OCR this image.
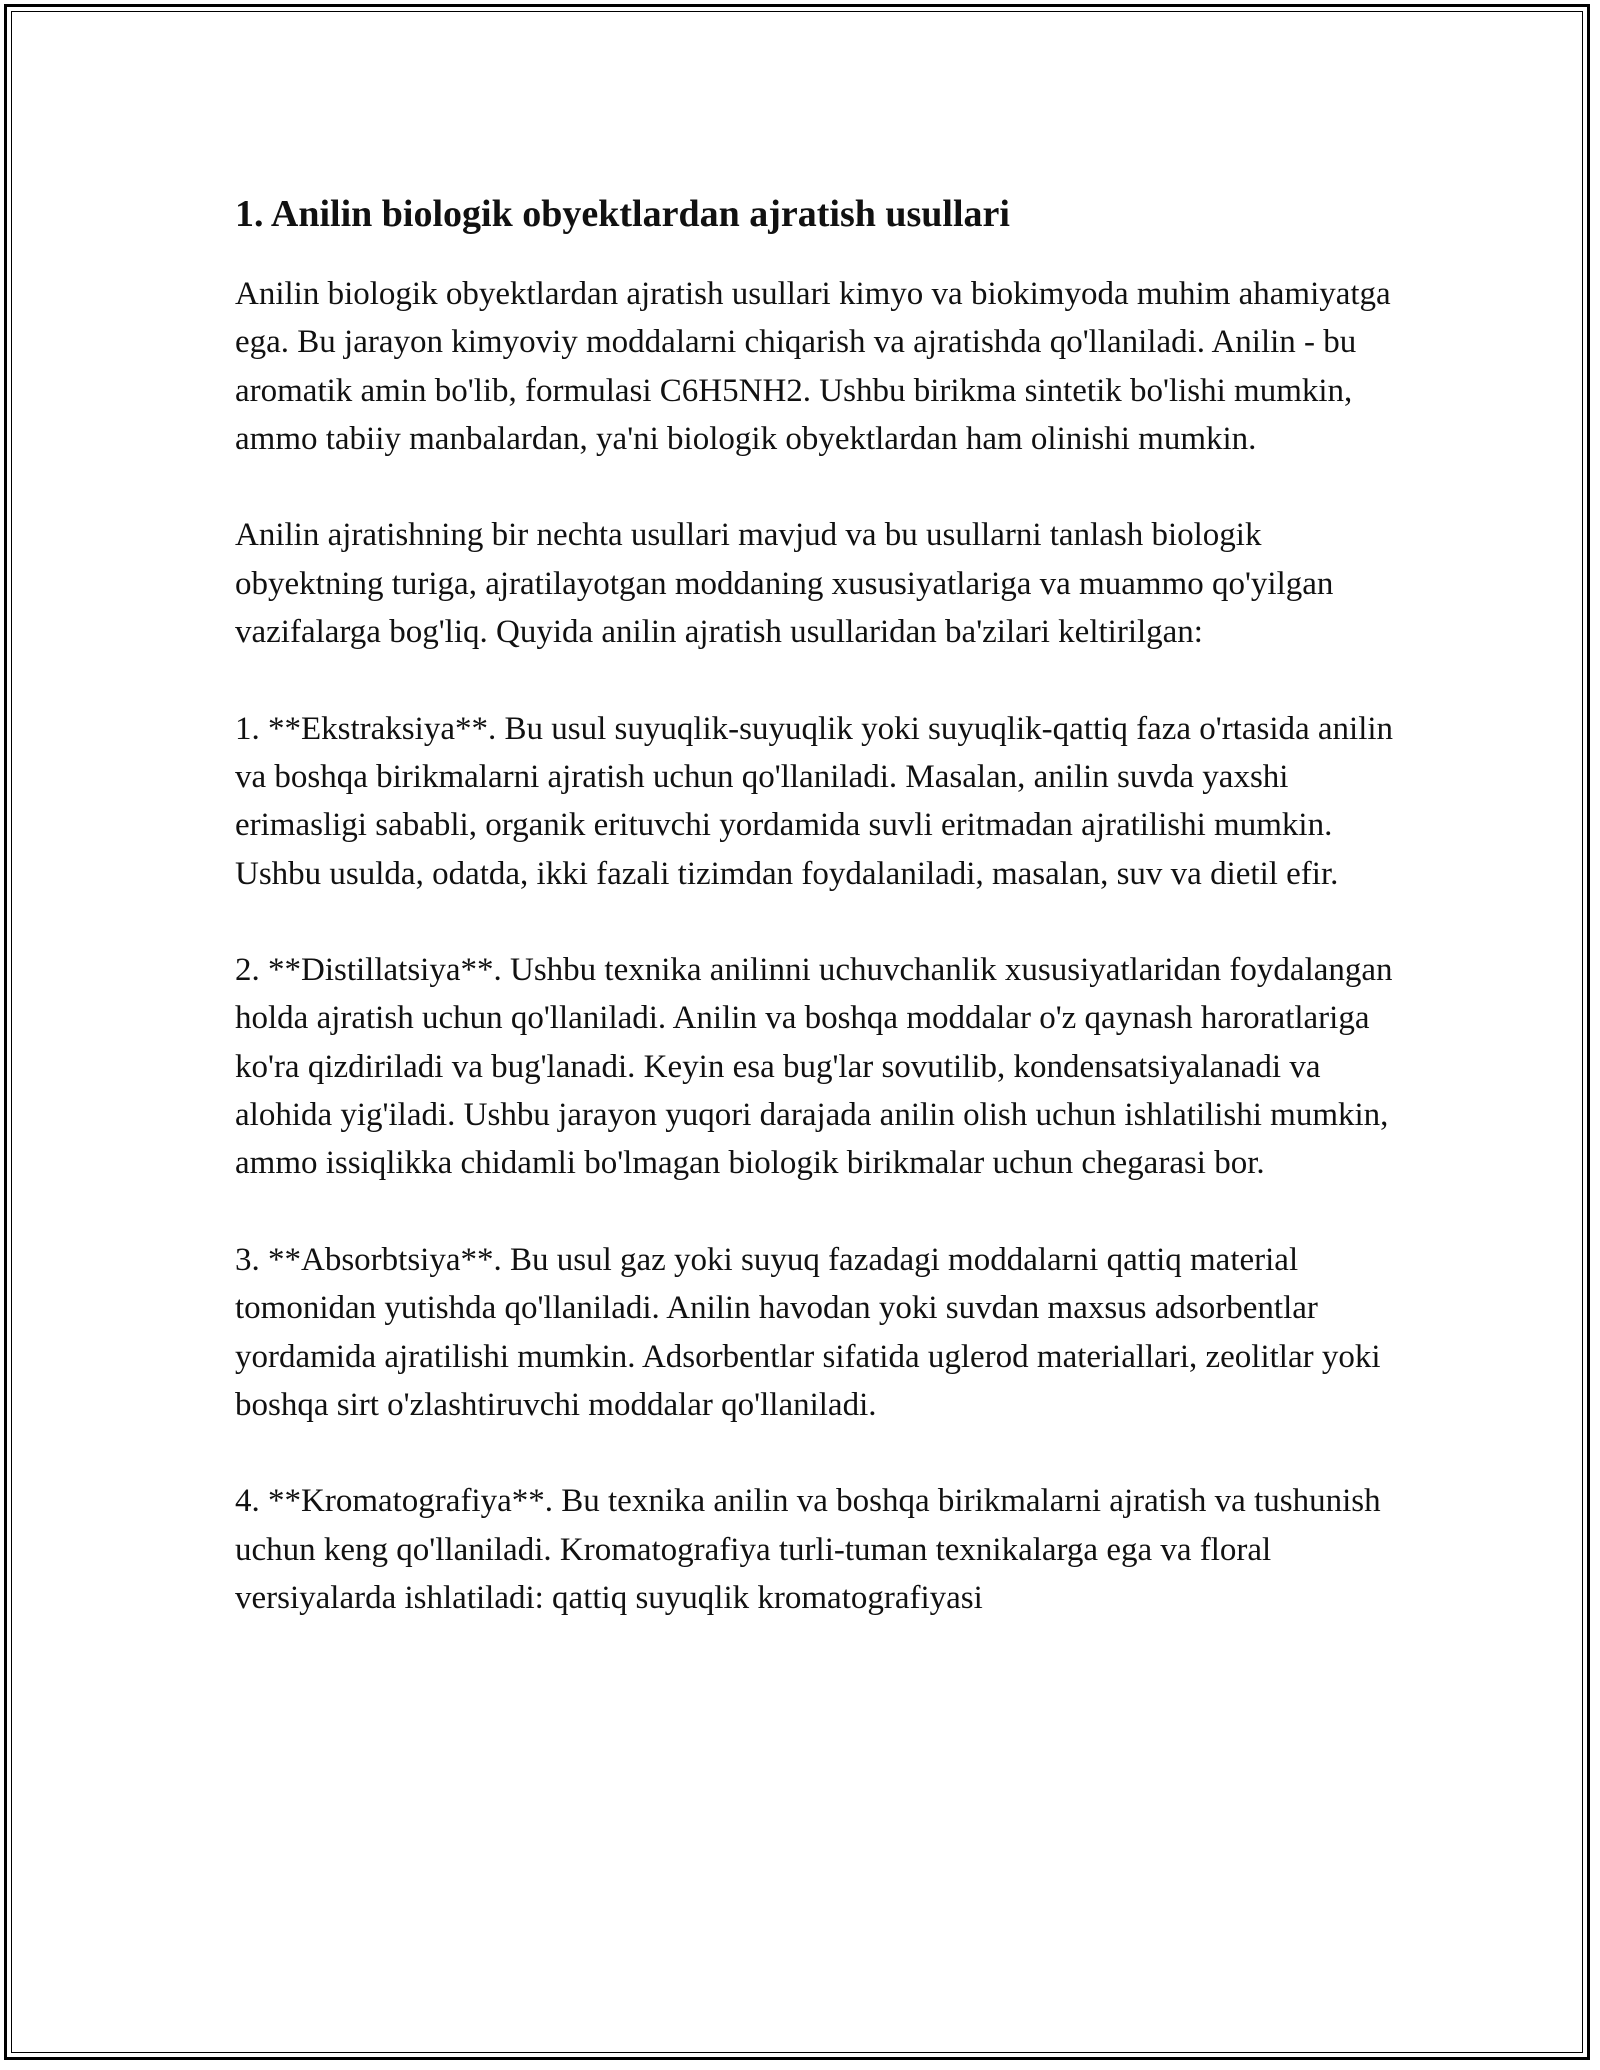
1. Anilin biologik obyektlardan ajratish usullari

Anilin biologik obyektlardan ajratish usullari kimyo va biokimyoda muhim ahamiyatga ega. Bu jarayon kimyoviy moddalarni chiqarish va ajratishda qo'llaniladi. Anilin - bu aromatik amin bo'lib, formulasi C6H5NH2. Ushbu birikma sintetik bo'lishi mumkin, ammo tabiiy manbalardan, ya'ni biologik obyektlardan ham olinishi mumkin.

Anilin ajratishning bir nechta usullari mavjud va bu usullarni tanlash biologik obyektning turiga, ajratilayotgan moddaning xususiyatlariga va muammo qo'yilgan vazifalarga bog'liq. Quyida anilin ajratish usullaridan ba'zilari keltirilgan:

1. **Ekstraksiya**. Bu usul suyuqlik-suyuqlik yoki suyuqlik-qattiq faza o'rtasida anilin va boshqa birikmalarni ajratish uchun qo'llaniladi. Masalan, anilin suvda yaxshi erimasligi sababli, organik erituvchi yordamida suvli eritmadan ajratilishi mumkin. Ushbu usulda, odatda, ikki fazali tizimdan foydalaniladi, masalan, suv va dietil efir.

2. **Distillatsiya**. Ushbu texnika anilinni uchuvchanlik xususiyatlaridan foydalangan holda ajratish uchun qo'llaniladi. Anilin va boshqa moddalar o'z qaynash haroratlariga ko'ra qizdiriladi va bug'lanadi. Keyin esa bug'lar sovutilib, kondensatsiyalanadi va alohida yig'iladi. Ushbu jarayon yuqori darajada anilin olish uchun ishlatilishi mumkin, ammo issiqlikka chidamli bo'lmagan biologik birikmalar uchun chegarasi bor.

3. **Absorbtsiya**. Bu usul gaz yoki suyuq fazadagi moddalarni qattiq material tomonidan yutishda qo'llaniladi. Anilin havodan yoki suvdan maxsus adsorbentlar yordamida ajratilishi mumkin. Adsorbentlar sifatida uglerod materiallari, zeolitlar yoki boshqa sirt o'zlashtiruvchi moddalar qo'llaniladi.

4. **Kromatografiya**. Bu texnika anilin va boshqa birikmalarni ajratish va tushunish uchun keng qo'llaniladi. Kromatografiya turli-tuman texnikalarga ega va floral versiyalarda ishlatiladi: qattiq suyuqlik kromatografiyasi
